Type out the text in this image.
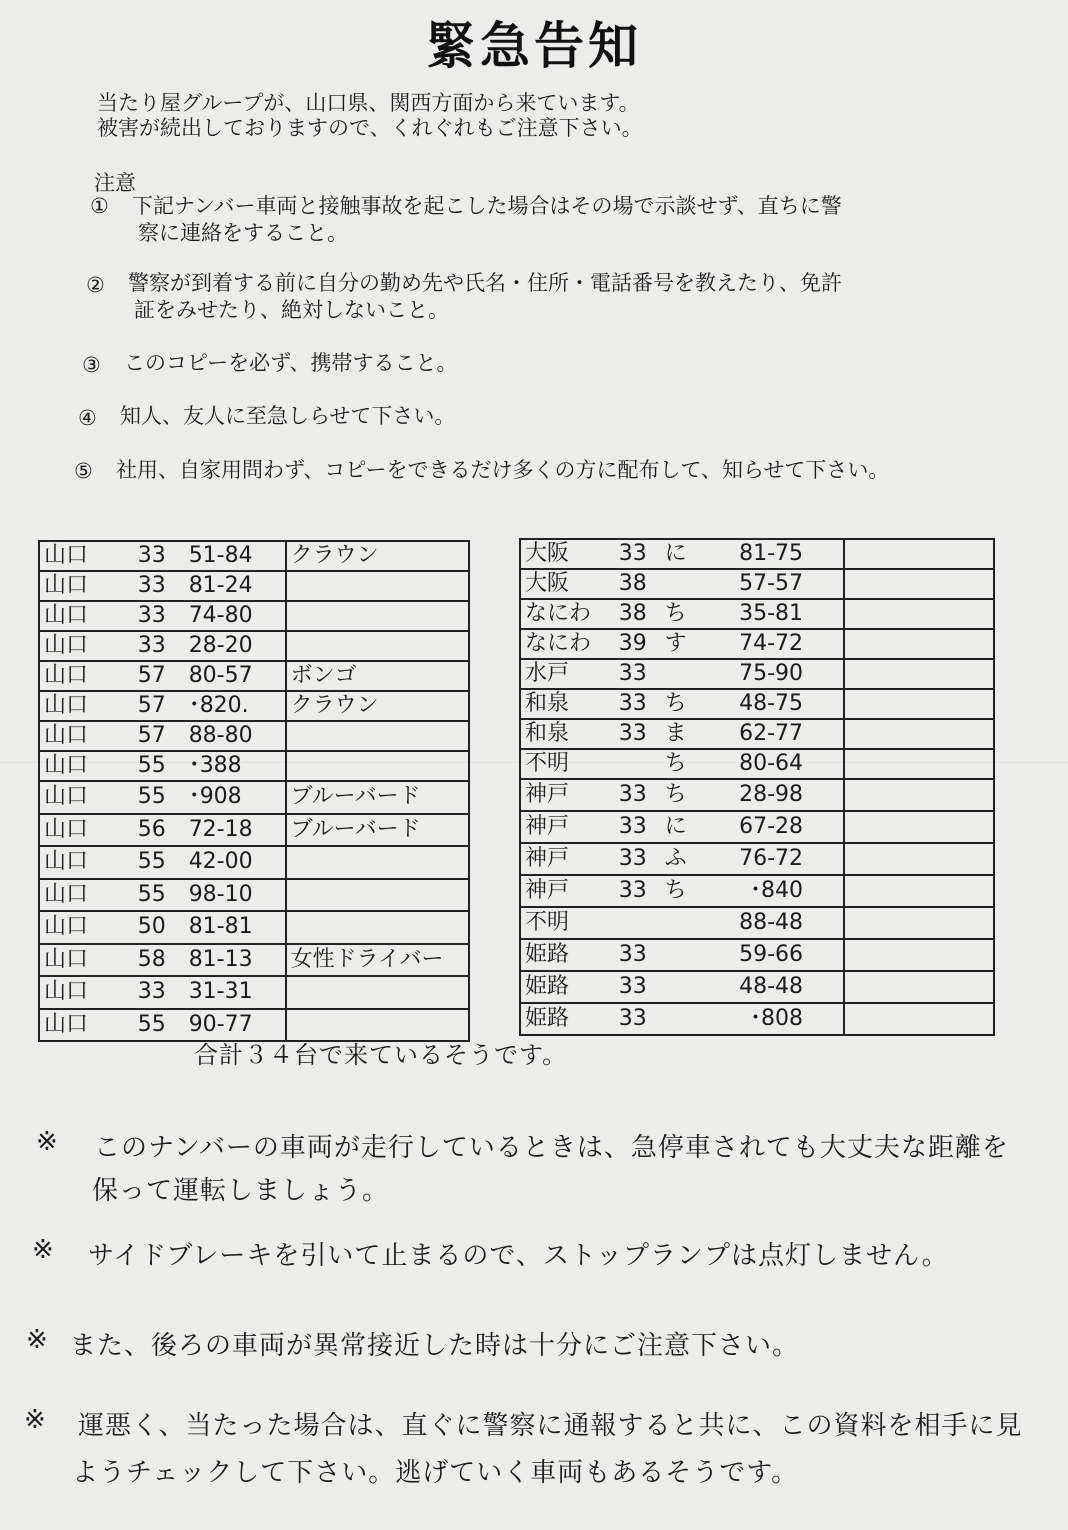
緊急告知
当たり屋グループが、山口県、関西方面から来ています。
被害が続出しておりますので、くれぐれもご注意下さい。
注意
① 下記ナンバー車両と接触事故を起こした場合はその場で示談せず、直ちに警
察に連絡をすること。
② 警察が到着する前に自分の勤め先や氏名・住所・電話番号を教えたり、免許
証をみせたり、絶対しないこと。
③ このコピーを必ず、携帯すること。
④ 知人、友人に至急しらせて下さい。
⑤ 社用、自家用問わず、コピーをできるだけ多くの方に配布して、知らせて下さい。
山口	33	51-84	クラウン
山口	33	81-24	
山口	33	74-80	
山口	33	28-20	
山口	57	80-57	ボンゴ
山口	57	･820.	クラウン
山口	57	88-80	
山口	55	･388	
山口	55	･908	ブルーバード
山口	56	72-18	ブルーバード
山口	55	42-00	
山口	55	98-10	
山口	50	81-81	
山口	58	81-13	女性ドライバー
山口	33	31-31	
山口	55	90-77	
大阪	33	に	81-75	
大阪	38		57-57	
なにわ	38	ち	35-81	
なにわ	39	す	74-72	
水戸	33		75-90	
和泉	33	ち	48-75	
和泉	33	ま	62-77	
不明		ち	80-64	
神戸	33	ち	28-98	
神戸	33	に	67-28	
神戸	33	ふ	76-72	
神戸	33	ち	･840	
不明			88-48	
姫路	33		59-66	
姫路	33		48-48	
姫路	33		･808	
合計３４台で来ているそうです。
※ このナンバーの車両が走行しているときは、急停車されても大丈夫な距離を
保って運転しましょう。
※ サイドブレーキを引いて止まるので、ストップランプは点灯しません。
※ また、後ろの車両が異常接近した時は十分にご注意下さい。
※ 運悪く、当たった場合は、直ぐに警察に通報すると共に、この資料を相手に見
ようチェックして下さい。逃げていく車両もあるそうです。
